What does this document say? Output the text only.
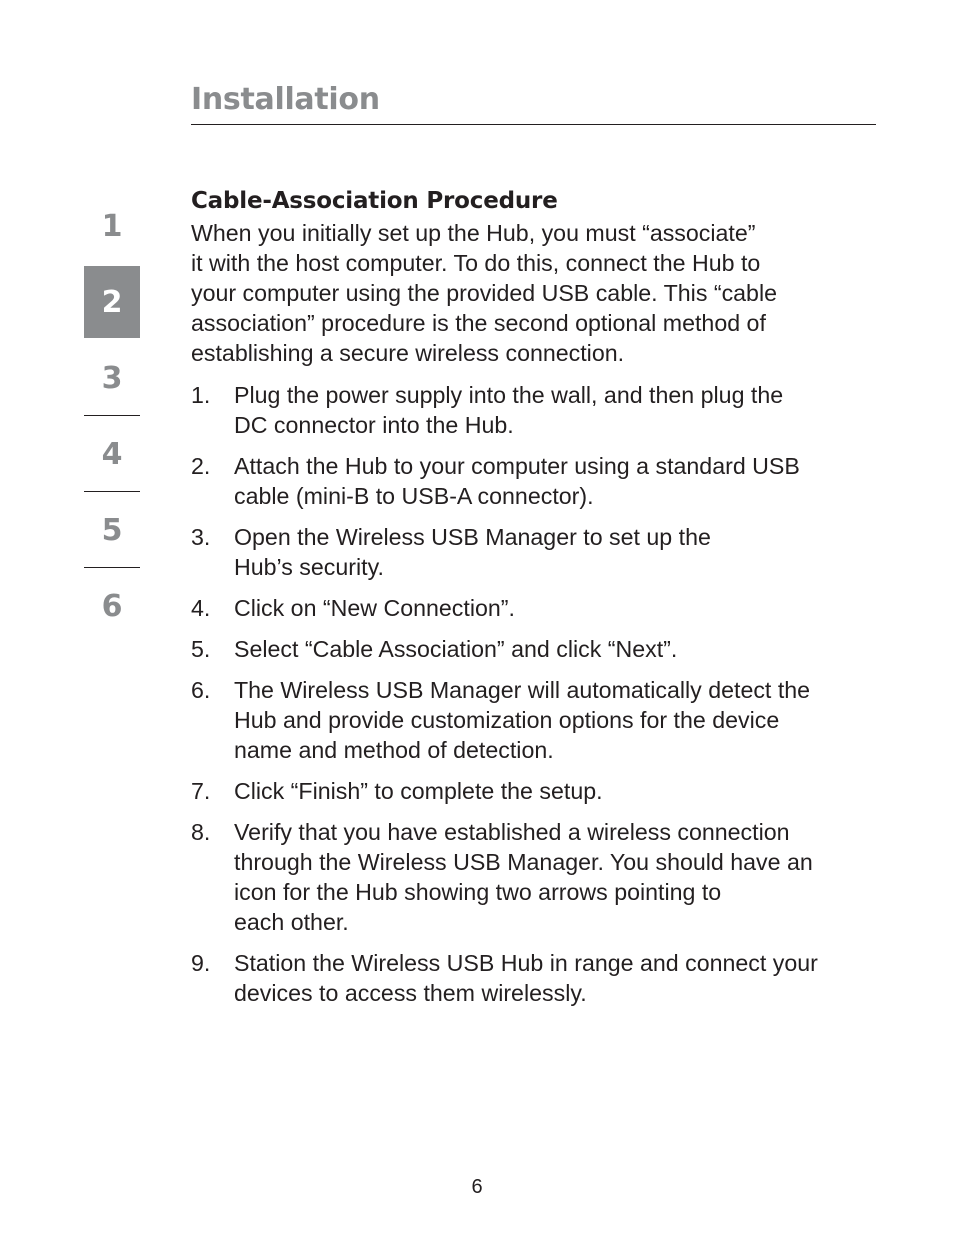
Installation
1
2
3
4
5
6
Cable-Association Procedure

When you initially set up the Hub, you must “associate”
it with the host computer. To do this, connect the Hub to
your computer using the provided USB cable. This “cable
association” procedure is the second optional method of
establishing a secure wireless connection.

1.	Plug the power supply into the wall, and then plug the
DC connector into the Hub.
2.	Attach the Hub to your computer using a standard USB
cable (mini-B to USB-A connector).
3.	Open the Wireless USB Manager to set up the
Hub’s security.
4.	Click on “New Connection”.
5.	Select “Cable Association” and click “Next”.
6.	The Wireless USB Manager will automatically detect the
Hub and provide customization options for the device
name and method of detection.
7.	Click “Finish” to complete the setup.
8.	Verify that you have established a wireless connection
through the Wireless USB Manager. You should have an
icon for the Hub showing two arrows pointing to
each other.
9.	Station the Wireless USB Hub in range and connect your
devices to access them wirelessly.
6
